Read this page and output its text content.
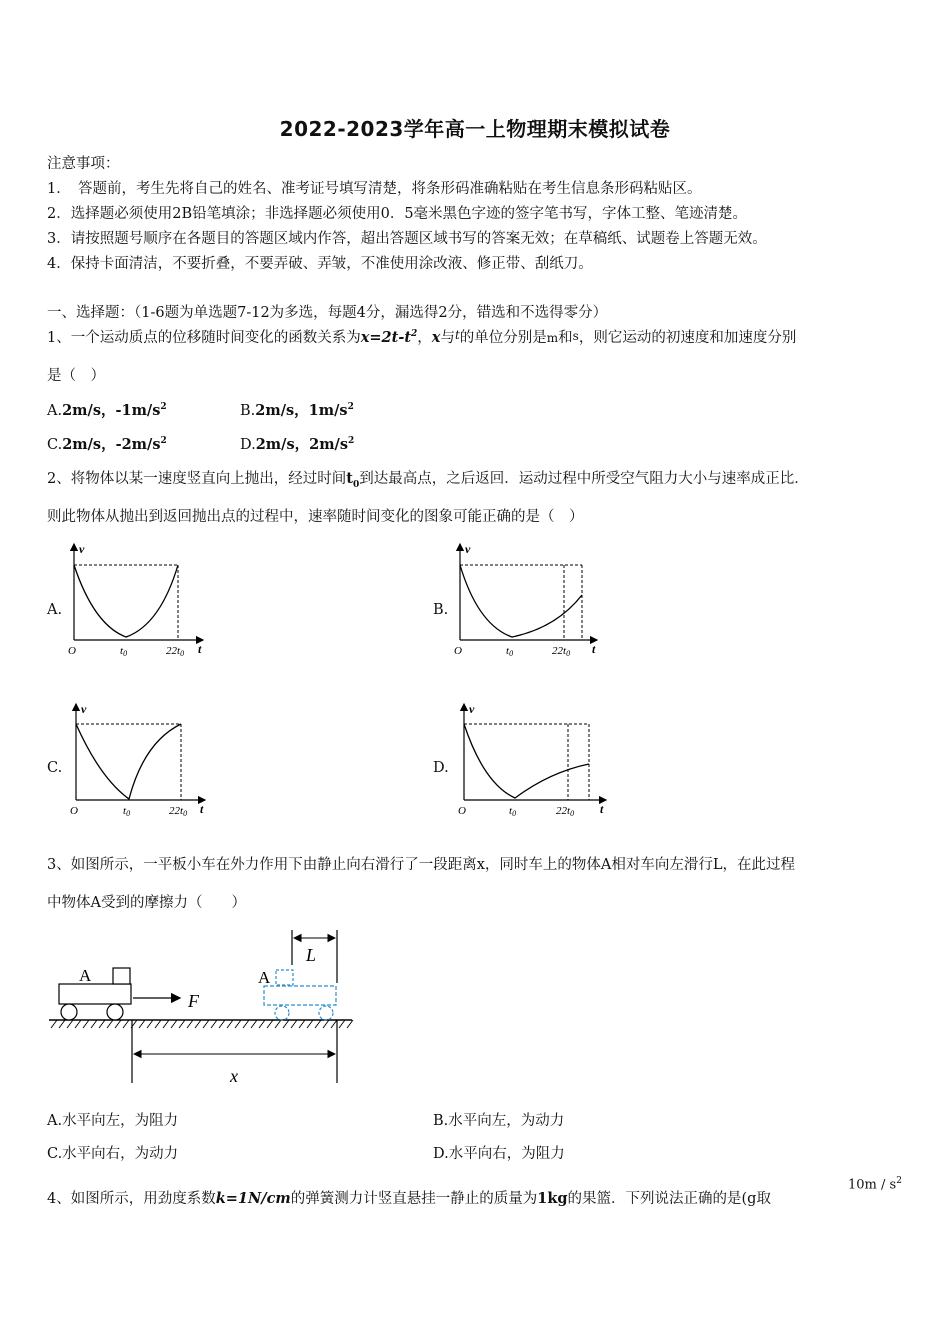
2022-2023学年高一上物理期末模拟试卷
注意事项：
1．　答题前，考生先将自己的姓名、准考证号填写清楚，将条形码准确粘贴在考生信息条形码粘贴区。
2．选择题必须使用2B铅笔填涂；非选择题必须使用0．5毫米黑色字迹的签字笔书写，字体工整、笔迹清楚。
3．请按照题号顺序在各题目的答题区域内作答，超出答题区域书写的答案无效；在草稿纸、试题卷上答题无效。
4．保持卡面清洁，不要折叠，不要弄破、弄皱，不准使用涂改液、修正带、刮纸刀。
一、选择题：（1-6题为单选题7-12为多选，每题4分，漏选得2分，错选和不选得零分）
1、一个运动质点的位移随时间变化的函数关系为$x=2t-t^2$，x与$^t$的单位分别是m和s，则它运动的初速度和加速度分别
是（　）
A.2m/s，$-1m/s^2$	B.2m/s，$1m/s^2$
C.2m/s，$-2m/s^2$	D.2m/s，$2m/s^2$
2、将物体以某一速度竖直向上抛出，经过时间$t_0$到达最高点，之后返回．运动过程中所受空气阻力大小与速率成正比．
则此物体从抛出到返回抛出点的过程中，速率随时间变化的图象可能正确的是（　）
A.	B.
C.	D.
v
t
O	t0	22t0
v
t
O	t0	22t0
v
t
O	t0	22t0
v
t
O	t0	22t0
3、如图所示，一平板小车在外力作用下由静止向右滑行了一段距离x，同时车上的物体A相对车向左滑行L，在此过程
中物体A受到的摩擦力（　　）
A
F
A
L
x
A.水平向左，为阻力	B.水平向左，为动力
C.水平向右，为动力	D.水平向右，为阻力
4、如图所示，用劲度系数k=1N/cm的弹簧测力计竖直悬挂一静止的质量为1kg的果篮．下列说法正确的是(g取
$10m / s^2$
